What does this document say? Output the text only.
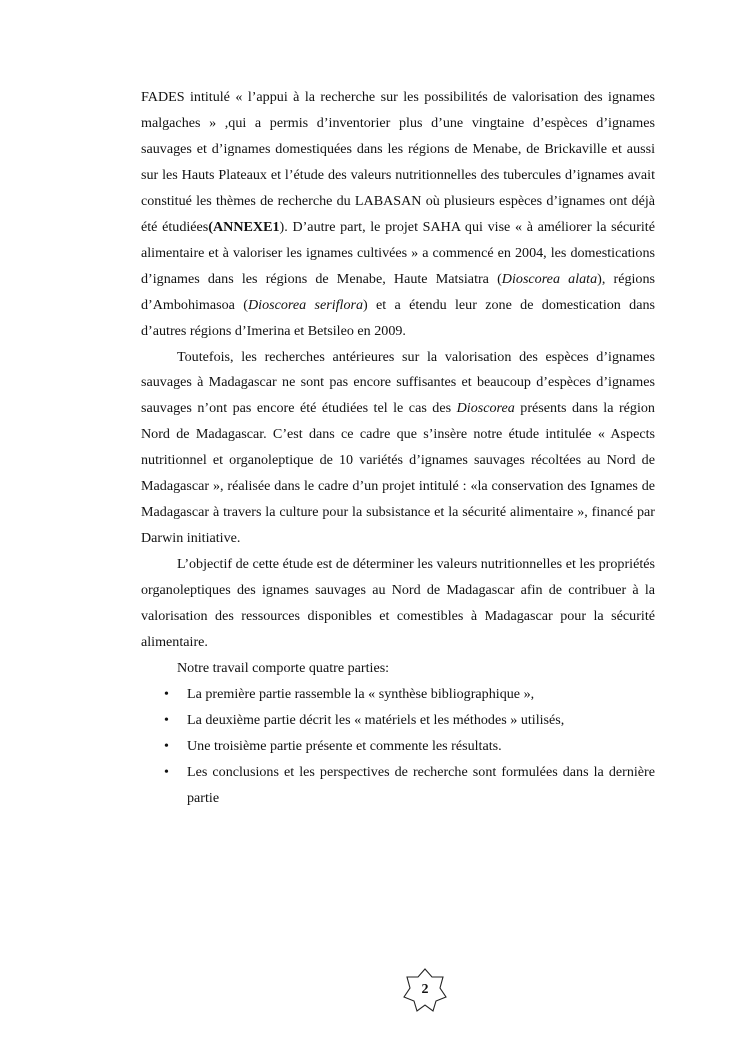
FADES intitulé « l’appui à la recherche sur les possibilités de valorisation des ignames malgaches » ,qui a permis d’inventorier plus d’une vingtaine d’espèces d’ignames sauvages et d’ignames domestiquées dans les régions de Menabe, de Brickaville et aussi sur les Hauts Plateaux et l’étude des valeurs nutritionnelles des tubercules d’ignames avait constitué les thèmes de recherche du LABASAN où plusieurs espèces d’ignames ont déjà été étudiées(ANNEXE1). D’autre part, le projet SAHA qui vise « à améliorer la sécurité alimentaire et à valoriser les ignames cultivées » a commencé en 2004, les domestications d’ignames dans les régions de Menabe, Haute Matsiatra (Dioscorea alata), régions d’Ambohimasoa (Dioscorea seriflora) et a étendu leur zone de domestication dans d’autres régions d’Imerina et Betsileo en 2009.

Toutefois, les recherches antérieures sur la valorisation des espèces d’ignames sauvages à Madagascar ne sont pas encore suffisantes et beaucoup d’espèces d’ignames sauvages n’ont pas encore été étudiées tel le cas des Dioscorea présents dans la région Nord de Madagascar. C’est dans ce cadre que s’insère notre étude intitulée « Aspects nutritionnel et organoleptique de 10 variétés d’ignames sauvages récoltées au Nord de Madagascar », réalisée dans le cadre d’un projet intitulé : «la conservation des Ignames de Madagascar à travers la culture pour la subsistance et la sécurité alimentaire », financé par Darwin initiative.

L’objectif de cette étude est de déterminer les valeurs nutritionnelles et les propriétés organoleptiques des ignames sauvages au Nord de Madagascar afin de contribuer à la valorisation des ressources disponibles et comestibles à Madagascar pour la sécurité alimentaire.

Notre travail comporte quatre parties:

• La première partie rassemble la « synthèse bibliographique »,
• La deuxième partie décrit les « matériels et les méthodes » utilisés,
• Une troisième partie présente et commente les résultats.
• Les conclusions et les perspectives de recherche sont formulées dans la dernière partie
2
